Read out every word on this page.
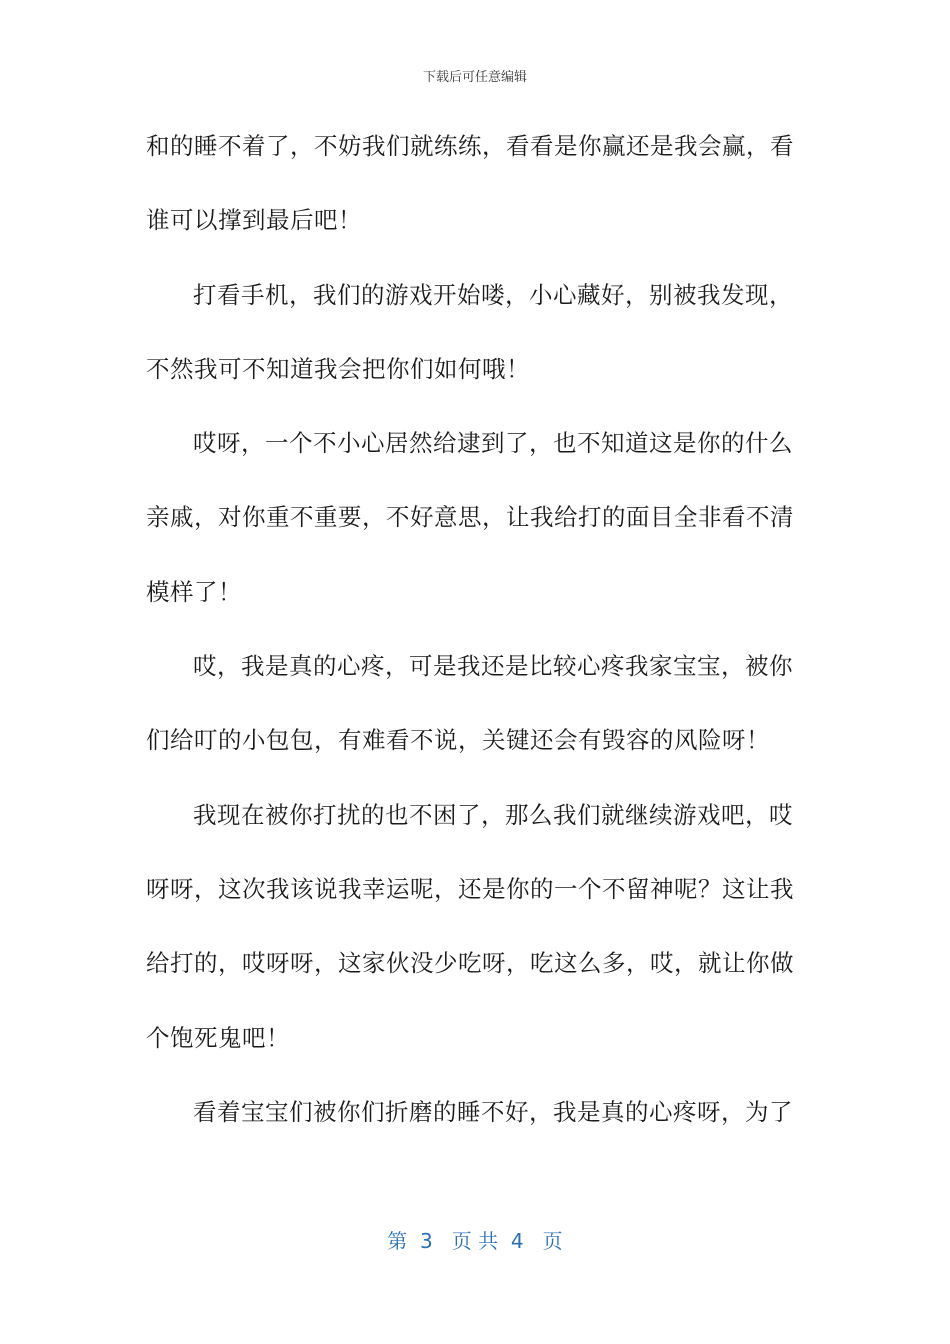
下载后可任意编辑
和的睡不着了，不妨我们就练练，看看是你赢还是我会赢，看
谁可以撑到最后吧！
打看手机，我们的游戏开始喽，小心藏好，别被我发现，
不然我可不知道我会把你们如何哦！
哎呀，一个不小心居然给逮到了，也不知道这是你的什么
亲戚，对你重不重要，不好意思，让我给打的面目全非看不清
模样了！
哎，我是真的心疼，可是我还是比较心疼我家宝宝，被你
们给叮的小包包，有难看不说，关键还会有毁容的风险呀！
我现在被你打扰的也不困了，那么我们就继续游戏吧，哎
呀呀，这次我该说我幸运呢，还是你的一个不留神呢？这让我
给打的，哎呀呀，这家伙没少吃呀，吃这么多，哎，就让你做
个饱死鬼吧！
看着宝宝们被你们折磨的睡不好，我是真的心疼呀，为了
第  3   页 共  4   页
